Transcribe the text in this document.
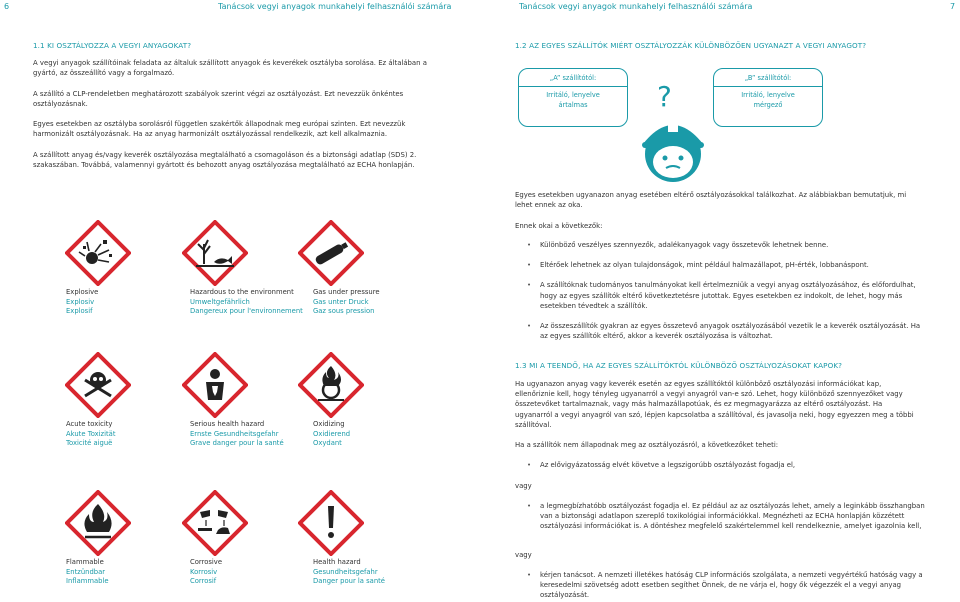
6	Tanácsok vegyi anyagok munkahelyi felhasználói számára	Tanácsok vegyi anyagok munkahelyi felhasználói számára	7
1.1 KI OSZTÁLYOZZA A VEGYI ANYAGOKAT?
A vegyi anyagok szállítóinak feladata az általuk szállított anyagok és keverékek osztályba sorolása. Ez általában a gyártó, az összeállító vagy a forgalmazó.
A szállító a CLP-rendeletben meghatározott szabályok szerint végzi az osztályozást. Ezt nevezzük önkéntes osztályozásnak.
Egyes esetekben az osztályba sorolásról független szakértők állapodnak meg európai szinten. Ezt nevezzük harmonizált osztályozásnak. Ha az anyag harmonizált osztályozással rendelkezik, azt kell alkalmaznia.
A szállított anyag és/vagy keverék osztályozása megtalálható a csomagoláson és a biztonsági adatlap (SDS) 2. szakaszában. Továbbá, valamennyi gyártott és behozott anyag osztályozása megtalálható az ECHA honlapján.
Explosive
Explosiv
Explosif
Hazardous to the environment
Umweltgefährlich
Dangereux pour l'environnement
Gas under pressure
Gas unter Druck
Gaz sous pression
Acute toxicity
Akute Toxizität
Toxicité aiguë
Serious health hazard
Ernste Gesundheitsgefahr
Grave danger pour la santé
Oxidizing
Oxidierend
Oxydant
Flammable
Entzündbar
Inflammable
Corrosive
Korrosiv
Corrosif
Health hazard
Gesundheitsgefahr
Danger pour la santé
1.2 AZ EGYES SZÁLLÍTÓK MIÉRT OSZTÁLYOZZÁK KÜLÖNBÖZŐEN UGYANAZT A VEGYI ANYAGOT?
„A” szállítótól:
Irritáló, lenyelve
ártalmas
„B” szállítótól:
Irritáló, lenyelve
mérgező
?
Egyes esetekben ugyanazon anyag esetében eltérő osztályozásokkal találkozhat. Az alábbiakban bemutatjuk, mi lehet ennek az oka.
Ennek okai a következők:
• Különböző veszélyes szennyezők, adalékanyagok vagy összetevők lehetnek benne.
• Eltérőek lehetnek az olyan tulajdonságok, mint például halmazállapot, pH-érték, lobbanáspont.
• A szállítóknak tudományos tanulmányokat kell értelmezniük a vegyi anyag osztályozásához, és előfordulhat, hogy az egyes szállítók eltérő következtetésre jutottak. Egyes esetekben ez indokolt, de lehet, hogy más esetekben tévedtek a szállítók.
• Az összeszállítók gyakran az egyes összetevő anyagok osztályozásából vezetik le a keverék osztályozását. Ha az egyes szállítók eltérő, akkor a keverék osztályozása is változhat.
1.3 MI A TEENDŐ, HA AZ EGYES SZÁLLÍTÓKTÓL KÜLÖNBÖZŐ OSZTÁLYOZÁSOKAT KAPOK?
Ha ugyanazon anyag vagy keverék esetén az egyes szállítóktól különböző osztályozási információkat kap, ellenőriznie kell, hogy tényleg ugyanarról a vegyi anyagról van-e szó. Lehet, hogy különböző szennyezőket vagy összetevőket tartalmaznak, vagy más halmazállapotúak, és ez megmagyarázza az eltérő osztályozást. Ha ugyanarról a vegyi anyagról van szó, lépjen kapcsolatba a szállítóval, és javasolja neki, hogy egyezzen meg a többi szállítóval.
Ha a szállítók nem állapodnak meg az osztályozásról, a következőket teheti:
• Az elővigyázatosság elvét követve a legszigorúbb osztályozást fogadja el,
vagy
• a legmegbízhatóbb osztályozást fogadja el. Ez például az az osztályozás lehet, amely a leginkább összhangban van a biztonsági adatlapon szereplő toxikológiai információkkal. Megnézheti az ECHA honlapján közzétett osztályozási információkat is. A döntéshez megfelelő szakértelemmel kell rendelkeznie, amelyet igazolnia kell,
vagy
• kérjen tanácsot. A nemzeti illetékes hatóság CLP információs szolgálata, a nemzeti vegyértékű hatóság vagy a keresedelmi szövetség adott esetben segíthet Önnek, de ne várja el, hogy ők végezzék el a vegyi anyag osztályozását.
